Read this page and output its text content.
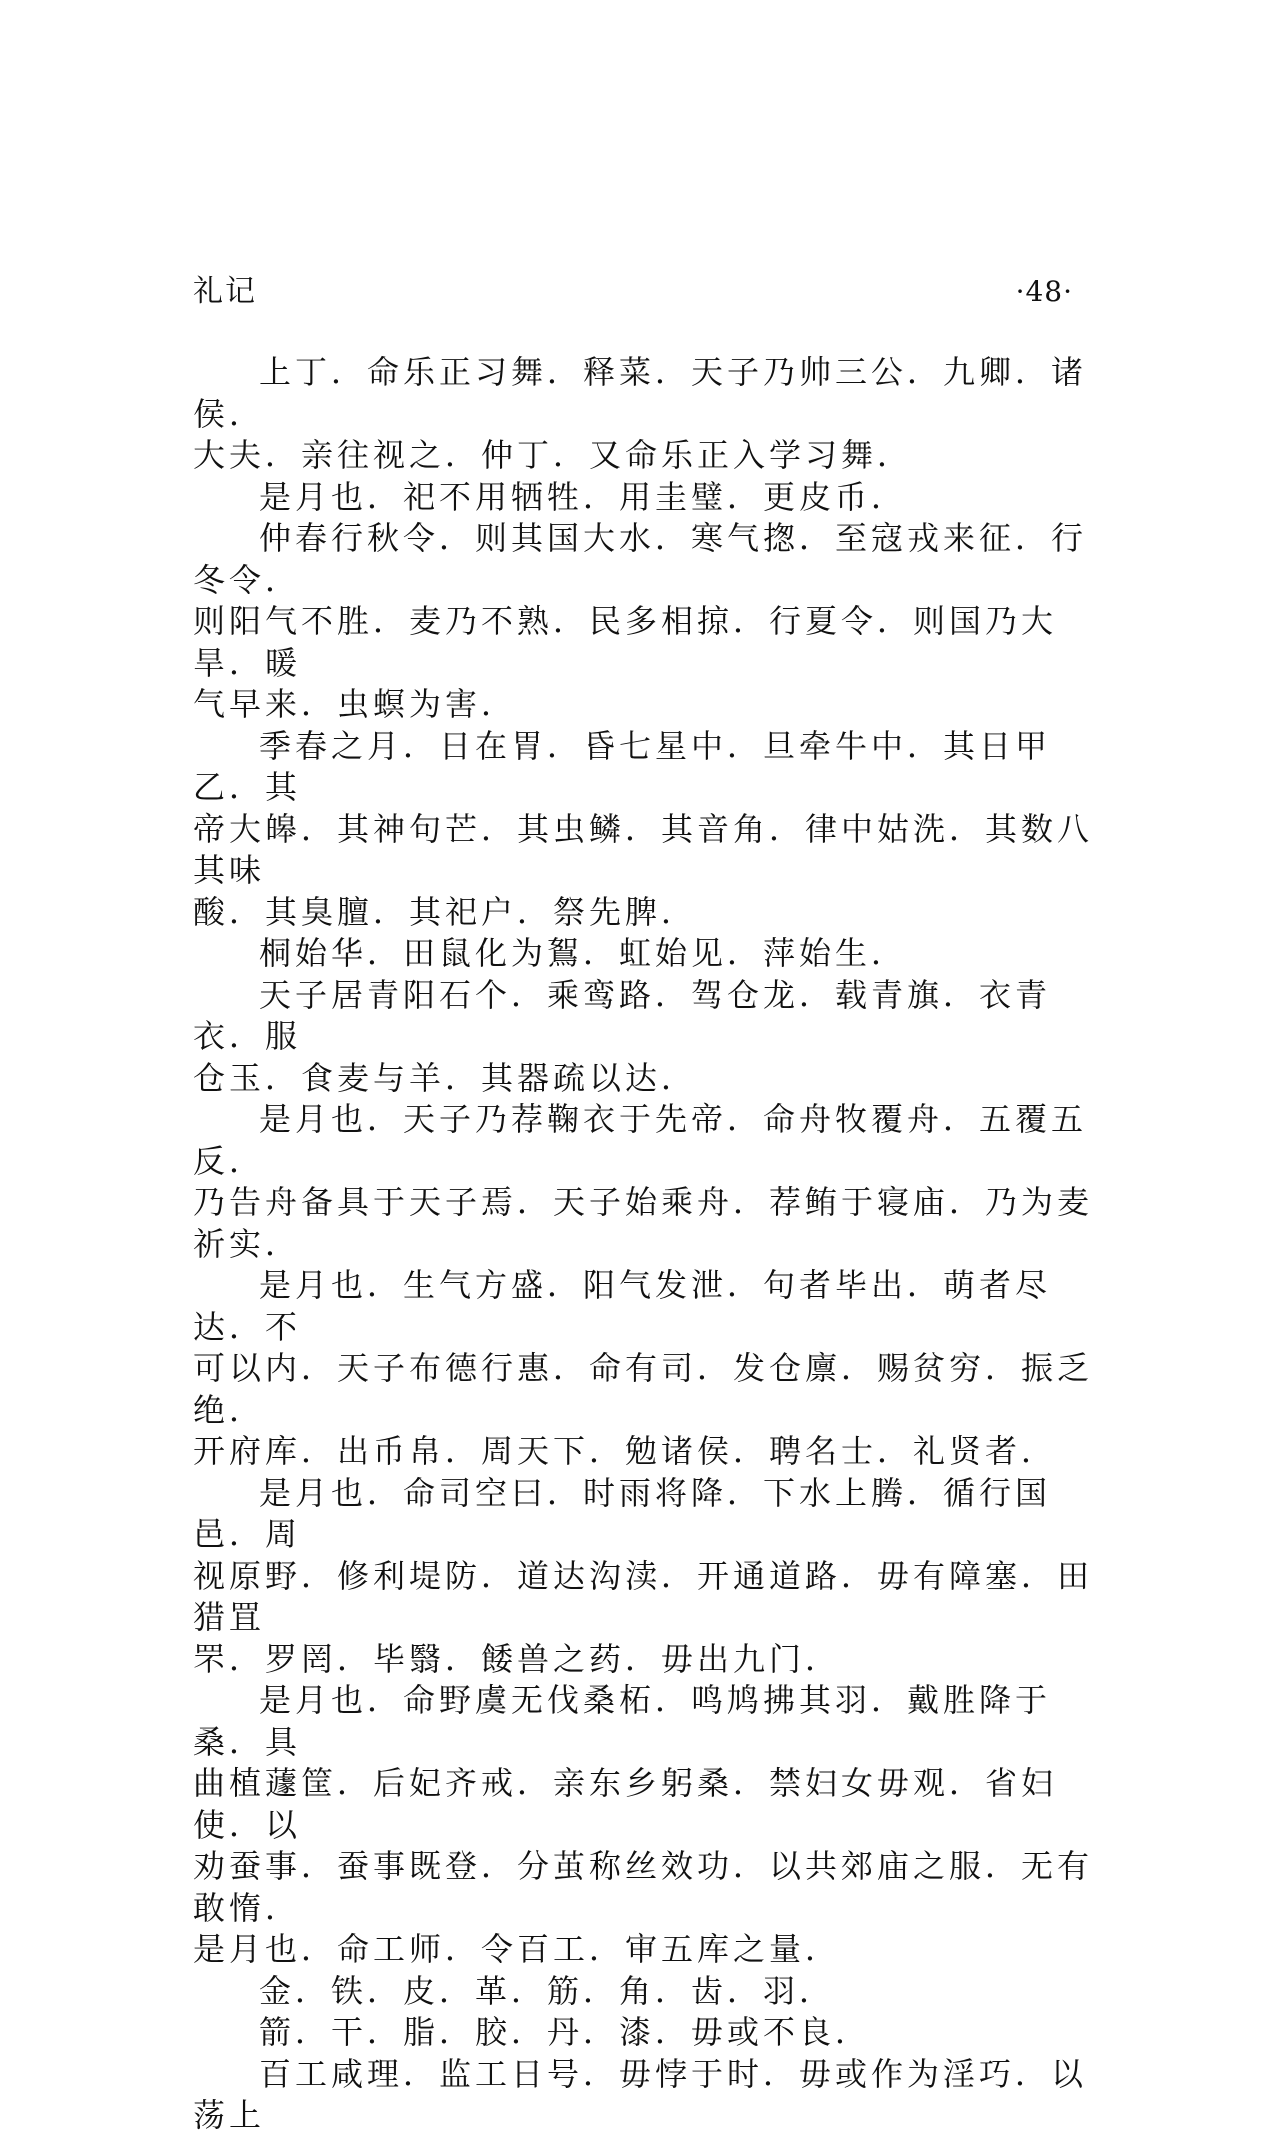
礼记	·48·

上丁．命乐正习舞．释菜．天子乃帅三公．九卿．诸侯．
大夫．亲往视之．仲丁．又命乐正入学习舞．

是月也．祀不用牺牲．用圭璧．更皮币．

仲春行秋令．则其国大水．寒气揔．至寇戎来征．行冬令．
则阳气不胜．麦乃不熟．民多相掠．行夏令．则国乃大旱．暖
气早来．虫螟为害．

季春之月．日在胃．昏七星中．旦牵牛中．其日甲乙．其
帝大皞．其神句芒．其虫鳞．其音角．律中姑洗．其数八其味
酸．其臭膻．其祀户．祭先脾．

桐始华．田鼠化为鴽．虹始见．萍始生．

天子居青阳石个．乘鸾路．驾仓龙．载青旗．衣青衣．服
仓玉．食麦与羊．其器疏以达．

是月也．天子乃荐鞠衣于先帝．命舟牧覆舟．五覆五反．
乃告舟备具于天子焉．天子始乘舟．荐鲔于寝庙．乃为麦祈实．

是月也．生气方盛．阳气发泄．句者毕出．萌者尽达．不
可以内．天子布德行惠．命有司．发仓廪．赐贫穷．振乏绝．
开府库．出币帛．周天下．勉诸侯．聘名士．礼贤者．

是月也．命司空曰．时雨将降．下水上腾．循行国邑．周
视原野．修利堤防．道达沟渎．开通道路．毋有障塞．田猎罝
罘．罗罔．毕翳．餧兽之药．毋出九门．

是月也．命野虞无伐桑柘．鸣鸠拂其羽．戴胜降于桑．具
曲植蘧筐．后妃齐戒．亲东乡躬桑．禁妇女毋观．省妇使．以
劝蚕事．蚕事既登．分茧称丝效功．以共郊庙之服．无有敢惰．
是月也．命工师．令百工．审五库之量．

金．铁．皮．革．筋．角．齿．羽．

箭．干．脂．胶．丹．漆．毋或不良．

百工咸理．监工日号．毋悖于时．毋或作为淫巧．以荡上
